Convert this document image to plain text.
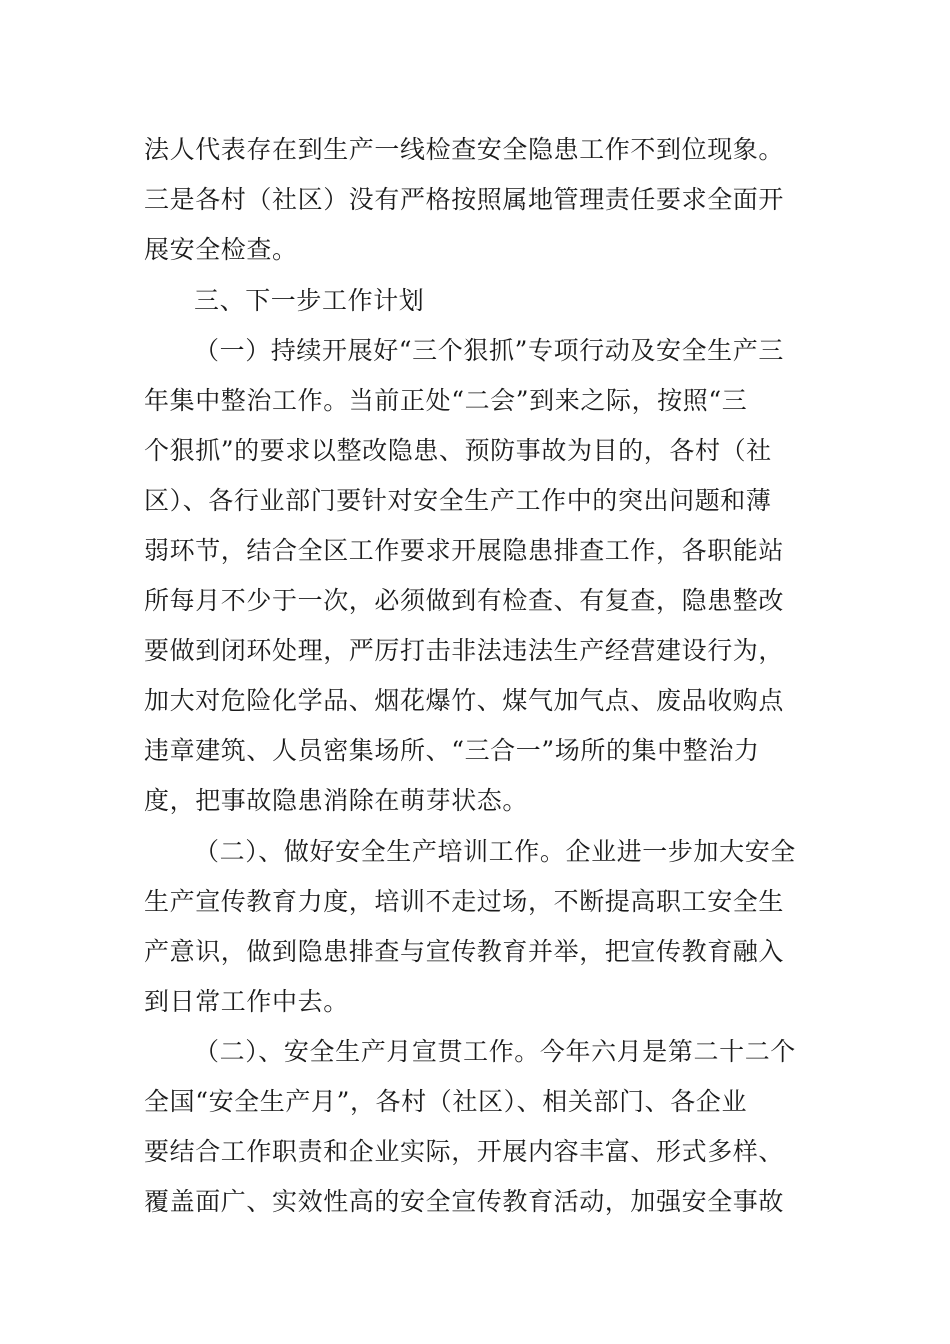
法人代表存在到生产一线检查安全隐患工作不到位现象。
三是各村（社区）没有严格按照属地管理责任要求全面开
展安全检查。
三、下一步工作计划
（一）持续开展好“三个狠抓”专项行动及安全生产三
年集中整治工作。当前正处“二会”到来之际，按照“三
个狠抓”的要求以整改隐患、预防事故为目的，各村（社
区）、各行业部门要针对安全生产工作中的突出问题和薄
弱环节，结合全区工作要求开展隐患排查工作，各职能站
所每月不少于一次，必须做到有检查、有复查，隐患整改
要做到闭环处理，严厉打击非法违法生产经营建设行为，
加大对危险化学品、烟花爆竹、煤气加气点、废品收购点
违章建筑、人员密集场所、“三合一”场所的集中整治力
度，把事故隐患消除在萌芽状态。
（二）、做好安全生产培训工作。企业进一步加大安全
生产宣传教育力度，培训不走过场，不断提高职工安全生
产意识，做到隐患排查与宣传教育并举，把宣传教育融入
到日常工作中去。
（二）、安全生产月宣贯工作。今年六月是第二十二个
全国“安全生产月”，各村（社区）、相关部门、各企业
要结合工作职责和企业实际，开展内容丰富、形式多样、
覆盖面广、实效性高的安全宣传教育活动，加强安全事故
